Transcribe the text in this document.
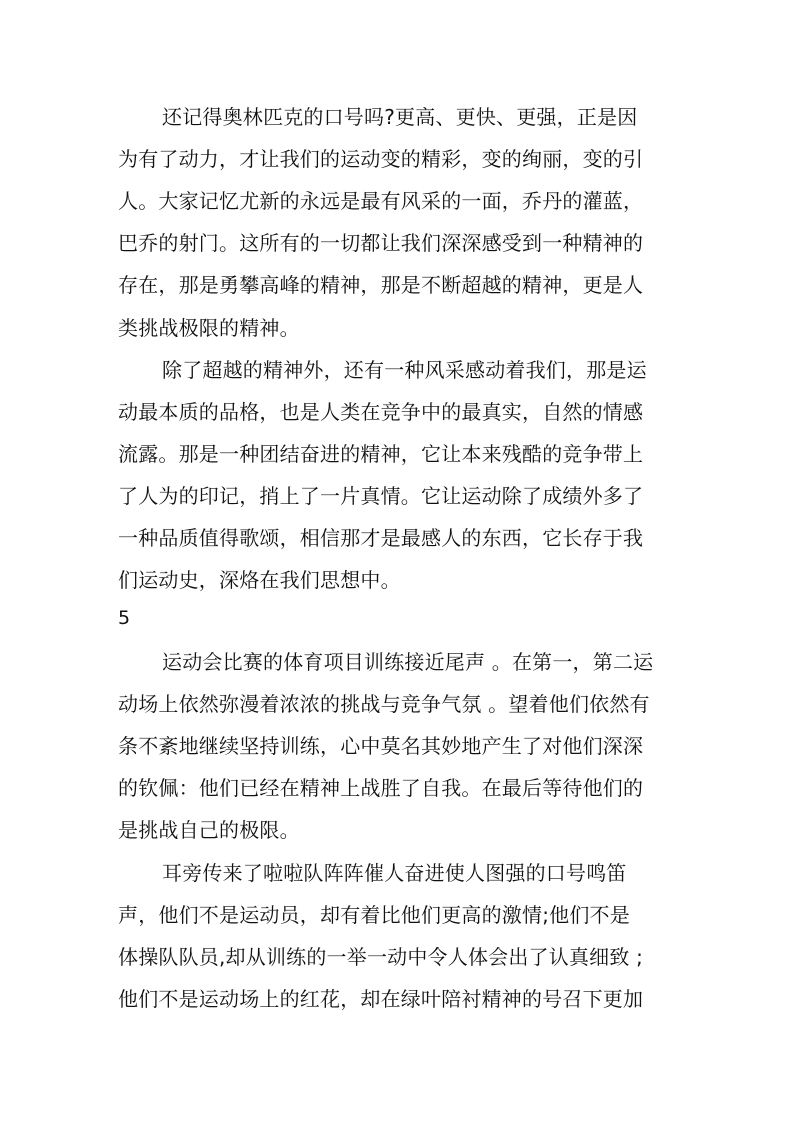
还记得奥林匹克的口号吗?更高、更快、更强，正是因
为有了动力，才让我们的运动变的精彩，变的绚丽，变的引
人。大家记忆尤新的永远是最有风采的一面，乔丹的灌蓝，
巴乔的射门。这所有的一切都让我们深深感受到一种精神的
存在，那是勇攀高峰的精神，那是不断超越的精神，更是人
类挑战极限的精神。
除了超越的精神外，还有一种风采感动着我们，那是运
动最本质的品格，也是人类在竞争中的最真实，自然的情感
流露。那是一种团结奋进的精神，它让本来残酷的竞争带上
了人为的印记，捎上了一片真情。它让运动除了成绩外多了
一种品质值得歌颂，相信那才是最感人的东西，它长存于我
们运动史，深烙在我们思想中。
5
运动会比赛的体育项目训练接近尾声 。在第一，第二运
动场上依然弥漫着浓浓的挑战与竞争气氛 。望着他们依然有
条不紊地继续坚持训练，心中莫名其妙地产生了对他们深深
的钦佩：他们已经在精神上战胜了自我。在最后等待他们的
是挑战自己的极限。
耳旁传来了啦啦队阵阵催人奋进使人图强的口号鸣笛
声，他们不是运动员，却有着比他们更高的激情;他们不是
体操队队员,却从训练的一举一动中令人体会出了认真细致 ;
他们不是运动场上的红花，却在绿叶陪衬精神的号召下更加
